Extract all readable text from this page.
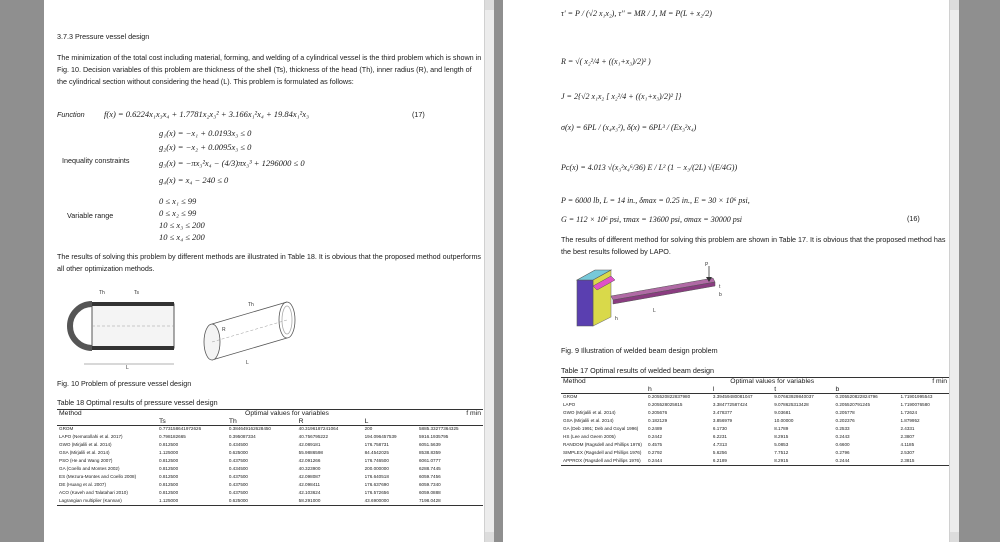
3.7.3 Pressure vessel design
The minimization of the total cost including material, forming, and welding of a cylindrical vessel is the third problem which is shown in Fig. 10. Decision variables of this problem are thickness of the shell (Ts), thickness of the head (Th), inner radius (R), and length of the cylindrical section without considering the head (L). This problem is formulated as follows:
Function f(x) = 0.6224x₁x₃x₄ + 1.7781x₂x₃² + 3.166x₁²x₄ + 19.84x₁²x₃	(17)
Inequality constraints
g₁(x) = −x₁ + 0.0193x₃ ≤ 0
g₂(x) = −x₂ + 0.0095x₃ ≤ 0
g₃(x) = −πx₃²x₄ − (4/3)πx₃³ + 1296000 ≤ 0
g₄(x) = x₄ − 240 ≤ 0
Variable range
0 ≤ x₁ ≤ 99
0 ≤ x₂ ≤ 99
10 ≤ x₃ ≤ 200
10 ≤ x₄ ≤ 200
The results of solving this problem by different methods are illustrated in Table 18. It is obvious that the proposed method outperforms all other optimization methods.
Th	Ts
L
Th
R
L
Fig. 10 Problem of pressure vessel design
Table 18 Optimal results of pressure vessel design
Method	Optimal values for variables				f min
	Ts	Th	R	L	
GROM	0.773158641972626	0.384649162628450	40.3196187241064	200	5885.33277364325
LAPO (Nematollahi et al. 2017)	0.798182665	0.395087334	40.756795222	194.096457539	5916.1935795
GWO (Mirjalili et al. 2014)	0.812500	0.434500	42.089181	176.758731	6051.5639
GSA (Mirjalili et al. 2014)	1.125000	0.625000	55.9886598	84.4542025	8538.8359
PSO (He and Wang 2007)	0.812500	0.437500	42.091266	176.746500	6061.0777
GA (Coello and Montes 2002)	0.812500	0.434500	40.323900	200.000000	6288.7445
ES (Mezura-Montes and Coello 2008)	0.812500	0.437500	42.098087	176.640518	6059.7456
DE (Huang et al. 2007)	0.812500	0.437500	42.098411	176.637690	6059.7340
ACO (Kaveh and Talatahari 2010)	0.812500	0.437500	42.103624	176.572656	6059.0888
Lagrangian multiplier (Kannan)	1.125000	0.625000	58.291000	43.6900000	7198.0428
τ' = P / (√2 x₁x₂), τ'' = MR / J, M = P(L + x₂/2)
R = √( x₂²/4 + ((x₁+x₃)/2)² )
J = 2{√2 x₁x₂ [ x₂²/4 + ((x₁+x₃)/2)² ]}
σ(x) = 6PL / (x₄x₃²), δ(x) = 6PL³ / (Ex₃²x₄)
Pc(x) = 4.013 √(x₃²x₄⁶/36) E / L² (1 − x₃/(2L) √(E/4G))
P = 6000 lb, L = 14 in., δmax = 0.25 in., E = 30 × 10⁶ psi,
G = 112 × 10⁶ psi, τmax = 13600 psi, σmax = 30000 psi	(16)
The results of different method for solving this problem are shown in Table 17. It is obvious that the proposed method has the best results followed by LAPO.
P
L
h
t
b
Fig. 9 Illustration of welded beam design problem
Table 17 Optimal results of welded beam design
Method	Optimal values for variables				f min
	h	l	t	b	
GROM	0.205520822837980	3.39459480081047	9.07663929840037	0.205520822824796	1.71901995543
LAPO	0.205528025815	3.384772587424	9.078625313428	0.205520791245	1.7190076580
GWO (Mirjalili et al. 2014)	0.205676	3.478377	9.03681	0.205778	1.72624
GSA (Mirjalili et al. 2014)	0.182129	3.856979	10.00000	0.202376	1.879952
GA (Deb 1991; Deb and Goyal 1996)	0.2489	6.1730	8.1789	0.2533	2.4331
HS (Lee and Geem 2005)	0.2442	6.2231	8.2915	0.2443	2.3807
RANDOM (Ragsdell and Phillips 1976)	0.4575	4.7313	5.0853	0.6600	4.1185
SIMPLEX (Ragsdell and Phillips 1976)	0.2792	5.6256	7.7512	0.2796	2.5307
APPROX (Ragsdell and Phillips 1976)	0.2444	6.2189	8.2915	0.2444	2.3815
